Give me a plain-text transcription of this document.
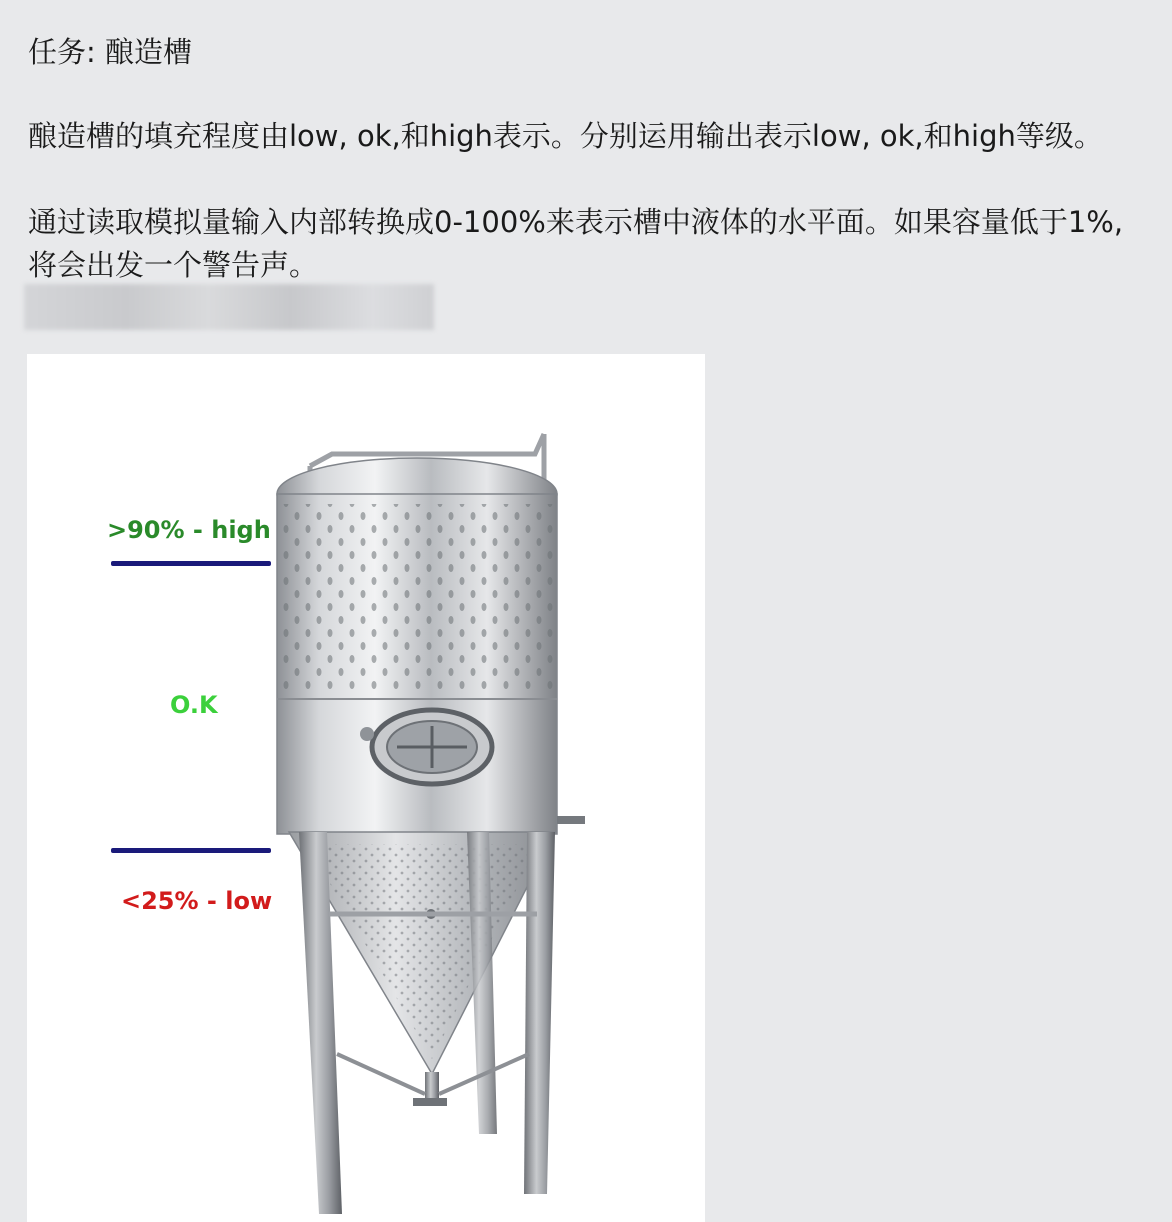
任务: 酿造槽

酿造槽的填充程度由low, ok,和high表示。分别运用输出表示low, ok,和high等级。

通过读取模拟量输入内部转换成0-100%来表示槽中液体的水平面。如果容量低于1%,将会出发一个警告声。

>90% - high
O.K
<25% - low
